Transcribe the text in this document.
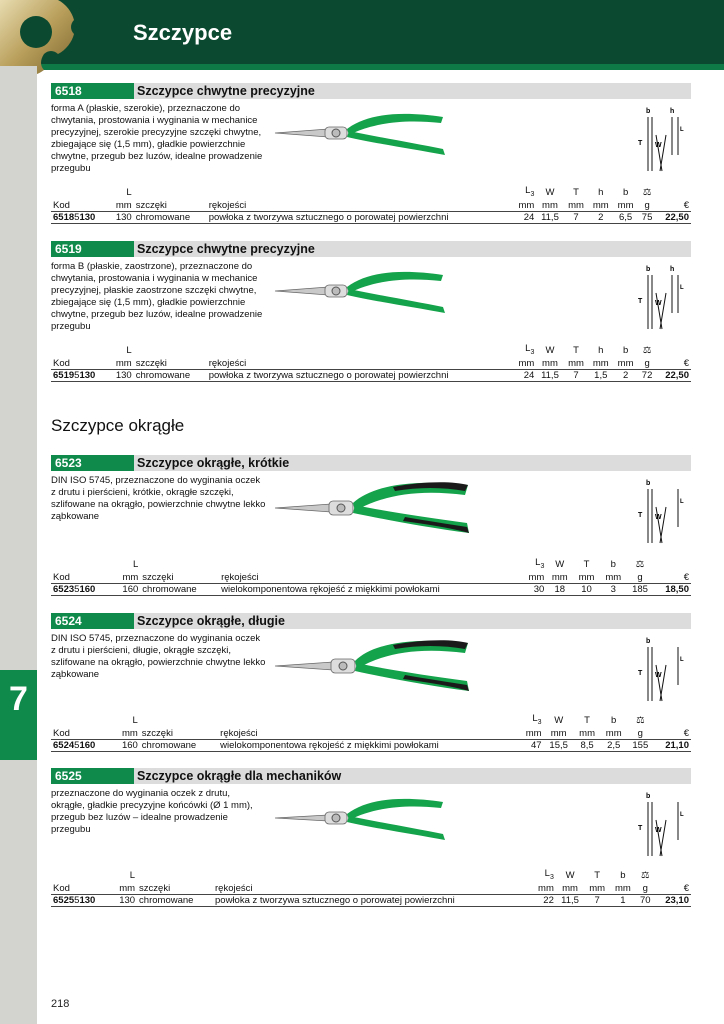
Szczypce
7
6518	Szczypce chwytne precyzyjne
forma A (płaskie, szerokie), przeznaczone do chwytania, prostowania i wyginania w mechanice precyzyjnej, szerokie precyzyjne szczęki chwytne, zbiegające się (1,5 mm), gładkie powierzchnie chwytne, przegub bez luzów, idealne prowadzenie przegubu
b	h
T W
L
	L			$L_3$	W	T	h	b	⚖	
Kod	mm	szczęki	rękojeści	mm	mm	mm	mm	mm	g	€
65185130	130	chromowane	powłoka z tworzywa sztucznego o porowatej powierzchni	24	11,5	7	2	6,5	75	22,50
6519	Szczypce chwytne precyzyjne
forma B (płaskie, zaostrzone), przeznaczone do chwytania, prostowania i wyginania w mechanice precyzyjnej, płaskie zaostrzone szczęki chwytne, zbiegające się (1,5 mm), gładkie powierzchnie chwytne, przegub bez luzów, idealne prowadzenie przegubu
b	h
T W
L
	L			$L_3$	W	T	h	b	⚖	
Kod	mm	szczęki	rękojeści	mm	mm	mm	mm	mm	g	€
65195130	130	chromowane	powłoka z tworzywa sztucznego o porowatej powierzchni	24	11,5	7	1,5	2	72	22,50
Szczypce okrągłe
6523	Szczypce okrągłe, krótkie
DIN ISO 5745, przeznaczone do wyginania oczek z drutu i pierścieni, krótkie, okrągłe szczęki, szlifowane na okrągło, powierzchnie chwytne lekko ząbkowane
b
T W
L
	L			$L_3$	W	T	b	⚖	
Kod	mm	szczęki	rękojeści	mm	mm	mm	mm	g	€
65235160	160	chromowane	wielokomponentowa rękojeść z miękkimi powłokami	30	18	10	3	185	18,50
6524	Szczypce okrągłe, długie
DIN ISO 5745, przeznaczone do wyginania oczek z drutu i pierścieni, długie, okrągłe szczęki, szlifowane na okrągło, powierzchnie chwytne lekko ząbkowane
b
T W
L
	L			$L_3$	W	T	b	⚖	
Kod	mm	szczęki	rękojeści	mm	mm	mm	mm	g	€
65245160	160	chromowane	wielokomponentowa rękojeść z miękkimi powłokami	47	15,5	8,5	2,5	155	21,10
6525	Szczypce okrągłe dla mechaników
przeznaczone do wyginania oczek z drutu, okrągłe, gładkie precyzyjne końcówki (Ø 1 mm), przegub bez luzów – idealne prowadzenie przegubu
b
T W
L
	L			$L_3$	W	T	b	⚖	
Kod	mm	szczęki	rękojeści	mm	mm	mm	mm	g	€
65255130	130	chromowane	powłoka z tworzywa sztucznego o porowatej powierzchni	22	11,5	7	1	70	23,10
218
